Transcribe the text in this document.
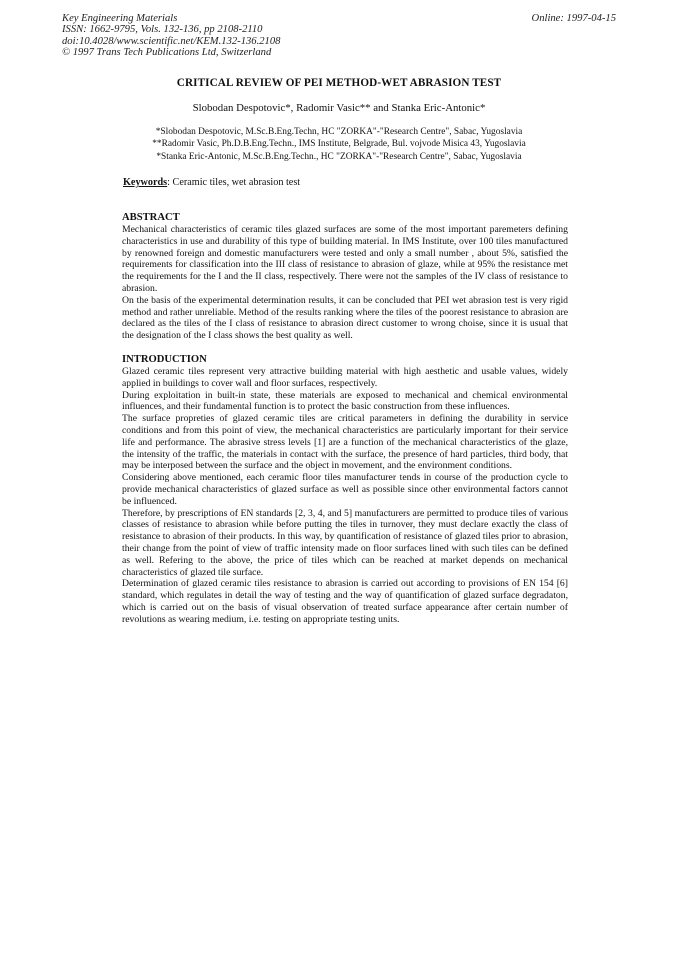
Key Engineering Materials
ISSN: 1662-9795, Vols. 132-136, pp 2108-2110
doi:10.4028/www.scientific.net/KEM.132-136.2108
© 1997 Trans Tech Publications Ltd, Switzerland
Online: 1997-04-15
CRITICAL REVIEW OF PEI METHOD-WET ABRASION TEST
Slobodan Despotovic*, Radomir Vasic** and Stanka Eric-Antonic*
*Slobodan Despotovic, M.Sc.B.Eng.Techn, HC "ZORKA"-"Research Centre", Sabac, Yugoslavia
**Radomir Vasic, Ph.D.B.Eng.Techn., IMS Institute, Belgrade, Bul. vojvode Misica 43, Yugoslavia
*Stanka Eric-Antonic, M.Sc.B.Eng.Techn., HC "ZORKA"-"Research Centre", Sabac, Yugoslavia
Keywords: Ceramic tiles, wet abrasion test
ABSTRACT

Mechanical characteristics of ceramic tiles glazed surfaces are some of the most important paremeters defining characteristics in use and durability of this type of building material. In IMS Institute, over 100 tiles manufactured by renowned foreign and domestic manufacturers were tested and only a small number , about 5%, satisfied the requirements for classification into the III class of resistance to abrasion of glaze, while at 95% the resistance met the requirements for the I and the II class, respectively. There were not the samples of the IV class of resistance to abrasion.

On the basis of the experimental determination results, it can be concluded that PEI wet abrasion test is very rigid method and rather unreliable. Method of the results ranking where the tiles of the poorest resistance to abrasion are declared as the tiles of the I class of resistance to abrasion direct customer to wrong choise, since it is usual that the designation of the I class shows the best quality as well.

INTRODUCTION

Glazed ceramic tiles represent very attractive building material with high aesthetic and usable values, widely applied in buildings to cover wall and floor surfaces, respectively.

During exploitation in built-in state, these materials are exposed to mechanical and chemical environmental influences, and their fundamental function is to protect the basic construction from these influences.

The surface propreties of glazed ceramic tiles are critical parameters in defining the durability in service conditions and from this point of view, the mechanical characteristics are particularly important for their service life and performance. The abrasive stress levels [1] are a function of the mechanical characteristics of the glaze, the intensity of the traffic, the materials in contact with the surface, the presence of hard particles, third body, that may be interposed between the surface and the object in movement, and the environment conditions.

Considering above mentioned, each ceramic floor tiles manufacturer tends in course of the production cycle to provide mechanical characteristics of glazed surface as well as possible since other environmental factors cannot be influenced.

Therefore, by prescriptions of EN standards [2, 3, 4, and 5] manufacturers are permitted to produce tiles of various classes of resistance to abrasion while before putting the tiles in turnover, they must declare exactly the class of resistance to abrasion of their products. In this way, by quantification of resistance of glazed tiles prior to abrasion, their change from the point of view of traffic intensity made on floor surfaces lined with such tiles can be defined as well. Refering to the above, the price of tiles which can be reached at market depends on mechanical characteristics of glazed tile surface.

Determination of glazed ceramic tiles resistance to abrasion is carried out according to provisions of EN 154 [6] standard, which regulates in detail the way of testing and the way of quantification of glazed surface degradaton, which is carried out on the basis of visual observation of treated surface appearance after certain number of revolutions as wearing medium, i.e. testing on appropriate testing units.
